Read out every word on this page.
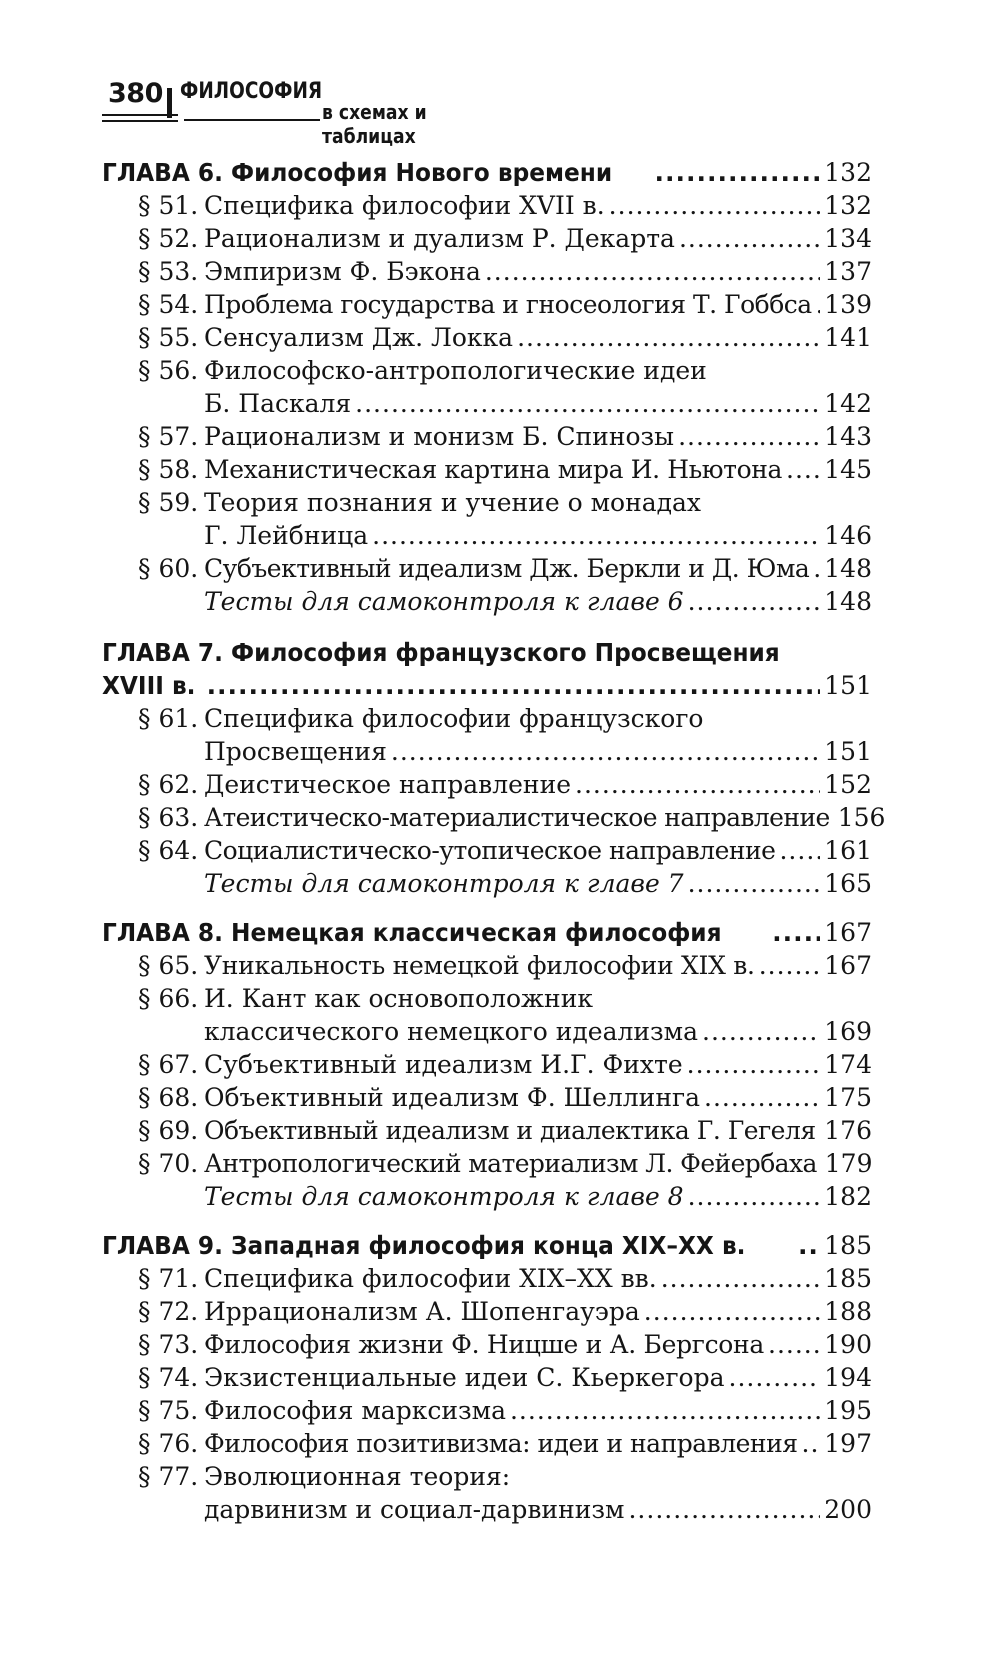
380 ФИЛОСОФИЯ
в схемах и таблицах
ГЛАВА 6. Философия Нового времени .....	132
§ 51. Специфика философии XVII в. .....	132
§ 52. Рационализм и дуализм Р. Декарта .....	134
§ 53. Эмпиризм Ф. Бэкона .....	137
§ 54. Проблема государства и гносеология Т. Гоббса ..... 139
§ 55. Сенсуализм Дж. Локка .....	141
§ 56. Философско-антропологические идеи
Б. Паскаля .....	142
§ 57. Рационализм и монизм Б. Спинозы .....	143
§ 58. Механистическая картина мира И. Ньютона ..... 145
§ 59. Теория познания и учение о монадах
Г. Лейбница .....	146
§ 60. Субъективный идеализм Дж. Беркли и Д. Юма ..... 148
Тесты для самоконтроля к главе 6 .....	148
ГЛАВА 7. Философия французского Просвещения
XVIII в. .....	151
§ 61. Специфика философии французского
Просвещения .....	151
§ 62. Деистическое направление .....	152
§ 63. Атеистическо-материалистическое направление 156
§ 64. Социалистическо-утопическое направление ..... 161
Тесты для самоконтроля к главе 7 .....	165
ГЛАВА 8. Немецкая классическая философия .....	167
§ 65. Уникальность немецкой философии XIX в. .....	167
§ 66. И. Кант как основоположник
классического немецкого идеализма .....	169
§ 67. Субъективный идеализм И.Г. Фихте .....	174
§ 68. Объективный идеализм Ф. Шеллинга .....	175
§ 69. Объективный идеализм и диалектика Г. Гегеля ..... 176
§ 70. Антропологический материализм Л. Фейербаха 179
Тесты для самоконтроля к главе 8 .....	182
ГЛАВА 9. Западная философия конца XIX–XX в. .....	185
§ 71. Специфика философии XIX–XX вв. .....	185
§ 72. Иррационализм А. Шопенгауэра .....	188
§ 73. Философия жизни Ф. Ницше и А. Бергсона ..... 190
§ 74. Экзистенциальные идеи С. Кьеркегора .....	194
§ 75. Философия марксизма .....	195
§ 76. Философия позитивизма: идеи и направления ..... 197
§ 77. Эволюционная теория:
дарвинизм и социал-дарвинизм .....	200
